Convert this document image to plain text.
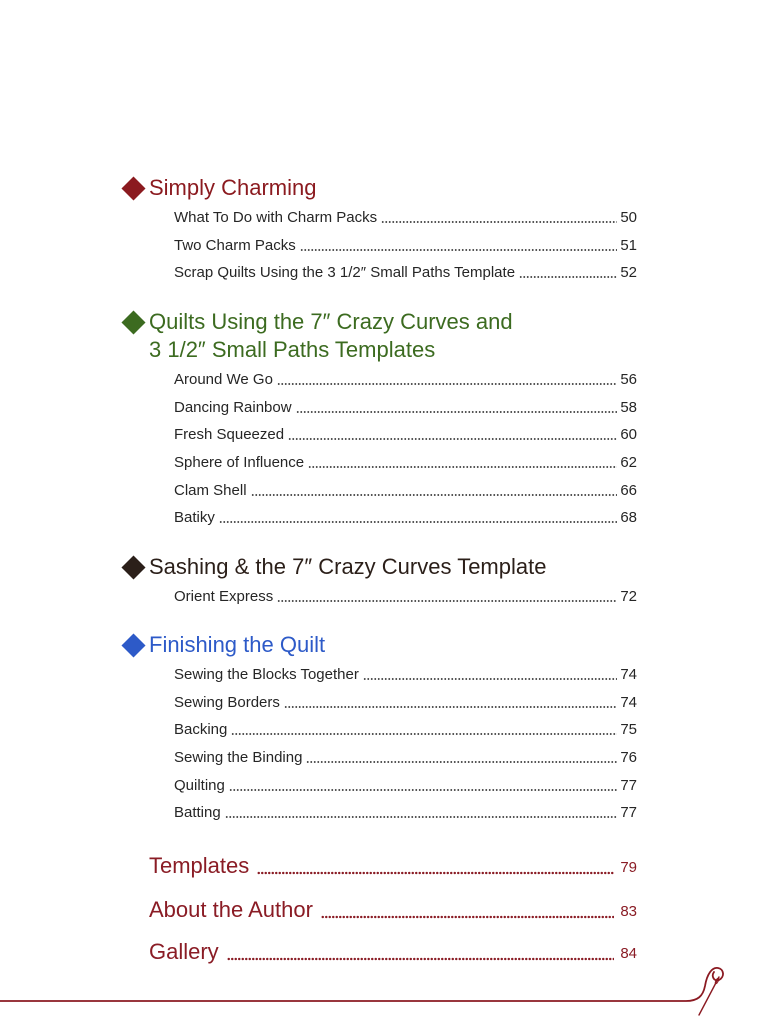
Simply Charming
What To Do with Charm Packs	50
Two Charm Packs	51
Scrap Quilts Using the 3 1/2″ Small Paths Template	52
Quilts Using the 7″ Crazy Curves and
3 1/2″ Small Paths Templates
Around We Go	56
Dancing Rainbow	58
Fresh Squeezed	60
Sphere of Influence	62
Clam Shell	66
Batiky	68
Sashing & the 7″ Crazy Curves Template
Orient Express	72
Finishing the Quilt
Sewing the Blocks Together	74
Sewing Borders	74
Backing	75
Sewing the Binding	76
Quilting	77
Batting	77
Templates	79
About the Author	83
Gallery	84
